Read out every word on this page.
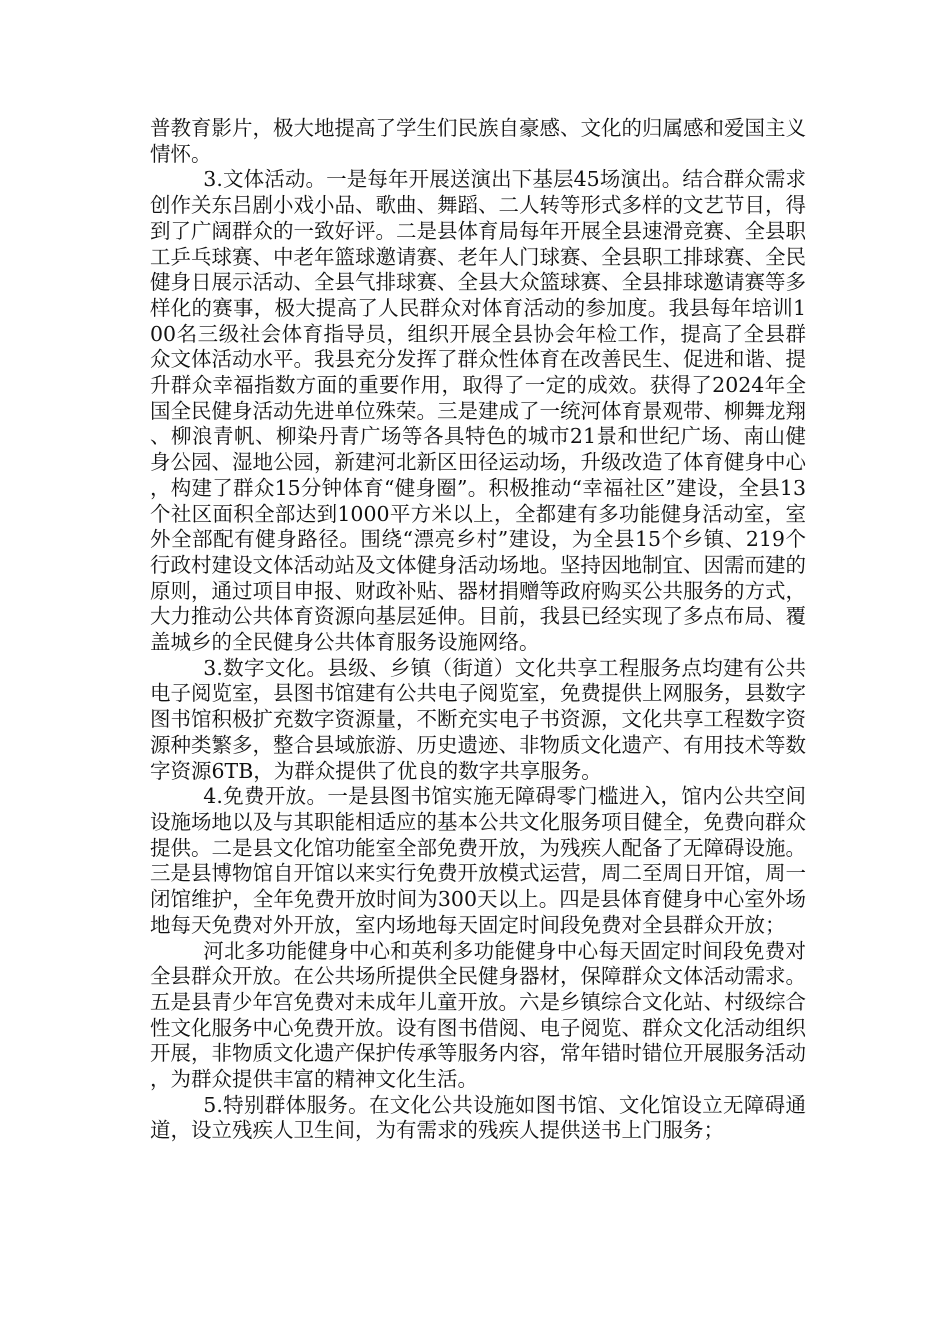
普教育影片，极大地提高了学生们民族自豪感、文化的归属感和爱国主义情怀。

3.文体活动。一是每年开展送演出下基层45场演出。结合群众需求创作关东吕剧小戏小品、歌曲、舞蹈、二人转等形式多样的文艺节目，得到了广阔群众的一致好评。二是县体育局每年开展全县速滑竞赛、全县职工乒乓球赛、中老年篮球邀请赛、老年人门球赛、全县职工排球赛、全民健身日展示活动、全县气排球赛、全县大众篮球赛、全县排球邀请赛等多样化的赛事，极大提高了人民群众对体育活动的参加度。我县每年培训100名三级社会体育指导员，组织开展全县协会年检工作，提高了全县群众文体活动水平。我县充分发挥了群众性体育在改善民生、促进和谐、提升群众幸福指数方面的重要作用，取得了一定的成效。获得了2024年全国全民健身活动先进单位殊荣。三是建成了一统河体育景观带、柳舞龙翔、柳浪青帆、柳染丹青广场等各具特色的城市21景和世纪广场、南山健身公园、湿地公园，新建河北新区田径运动场，升级改造了体育健身中心，构建了群众15分钟体育“健身圈”。积极推动“幸福社区”建设，全县13个社区面积全部达到1000平方米以上，全都建有多功能健身活动室，室外全部配有健身路径。围绕“漂亮乡村”建设，为全县15个乡镇、219个行政村建设文体活动站及文体健身活动场地。坚持因地制宜、因需而建的原则，通过项目申报、财政补贴、器材捐赠等政府购买公共服务的方式，大力推动公共体育资源向基层延伸。目前，我县已经实现了多点布局、覆盖城乡的全民健身公共体育服务设施网络。

3.数字文化。县级、乡镇（街道）文化共享工程服务点均建有公共电子阅览室，县图书馆建有公共电子阅览室，免费提供上网服务，县数字图书馆积极扩充数字资源量，不断充实电子书资源，文化共享工程数字资源种类繁多，整合县域旅游、历史遗迹、非物质文化遗产、有用技术等数字资源6TB，为群众提供了优良的数字共享服务。

4.免费开放。一是县图书馆实施无障碍零门槛进入，馆内公共空间设施场地以及与其职能相适应的基本公共文化服务项目健全，免费向群众提供。二是县文化馆功能室全部免费开放，为残疾人配备了无障碍设施。三是县博物馆自开馆以来实行免费开放模式运营，周二至周日开馆，周一闭馆维护，全年免费开放时间为300天以上。四是县体育健身中心室外场地每天免费对外开放，室内场地每天固定时间段免费对全县群众开放；

河北多功能健身中心和英利多功能健身中心每天固定时间段免费对全县群众开放。在公共场所提供全民健身器材，保障群众文体活动需求。五是县青少年宫免费对未成年儿童开放。六是乡镇综合文化站、村级综合性文化服务中心免费开放。设有图书借阅、电子阅览、群众文化活动组织开展，非物质文化遗产保护传承等服务内容，常年错时错位开展服务活动，为群众提供丰富的精神文化生活。

5.特别群体服务。在文化公共设施如图书馆、文化馆设立无障碍通道，设立残疾人卫生间，为有需求的残疾人提供送书上门服务；
